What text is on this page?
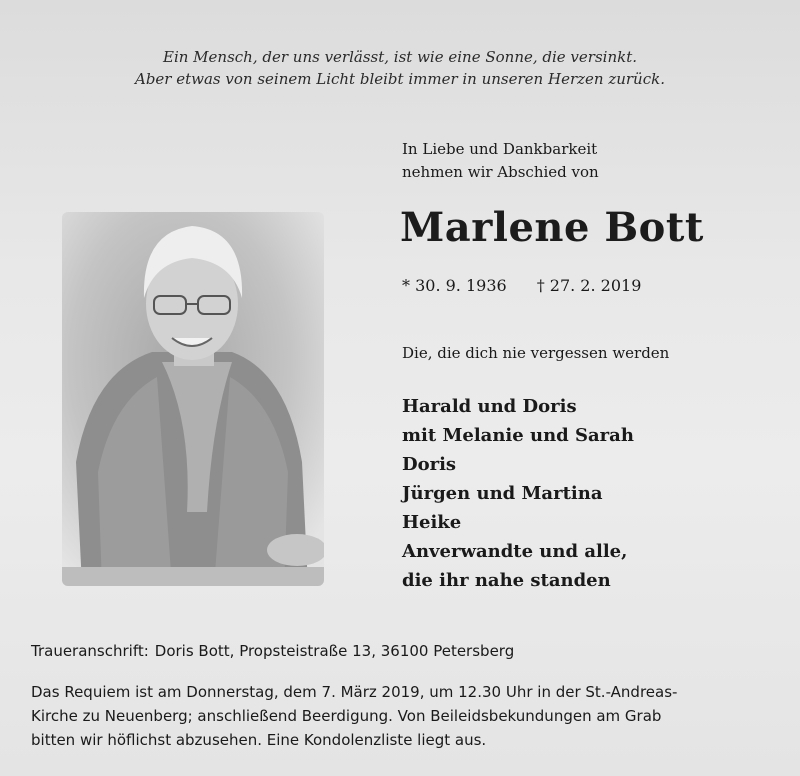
Ein Mensch, der uns verlässt, ist wie eine Sonne, die versinkt.
Aber etwas von seinem Licht bleibt immer in unseren Herzen zurück.
In Liebe und Dankbarkeit
nehmen wir Abschied von
Marlene Bott
* 30. 9. 1936 † 27. 2. 2019
Die, die dich nie vergessen werden
Harald und Doris
mit Melanie und Sarah
Doris
Jürgen und Martina
Heike
Anverwandte und alle,
die ihr nahe standen
Traueranschrift: Doris Bott, Propsteistraße 13, 36100 Petersberg

Das Requiem ist am Donnerstag, dem 7. März 2019, um 12.30 Uhr in der St.-Andreas-

Kirche zu Neuenberg; anschließend Beerdigung. Von Beileidsbekundungen am Grab

bitten wir höflichst abzusehen. Eine Kondolenzliste liegt aus.
